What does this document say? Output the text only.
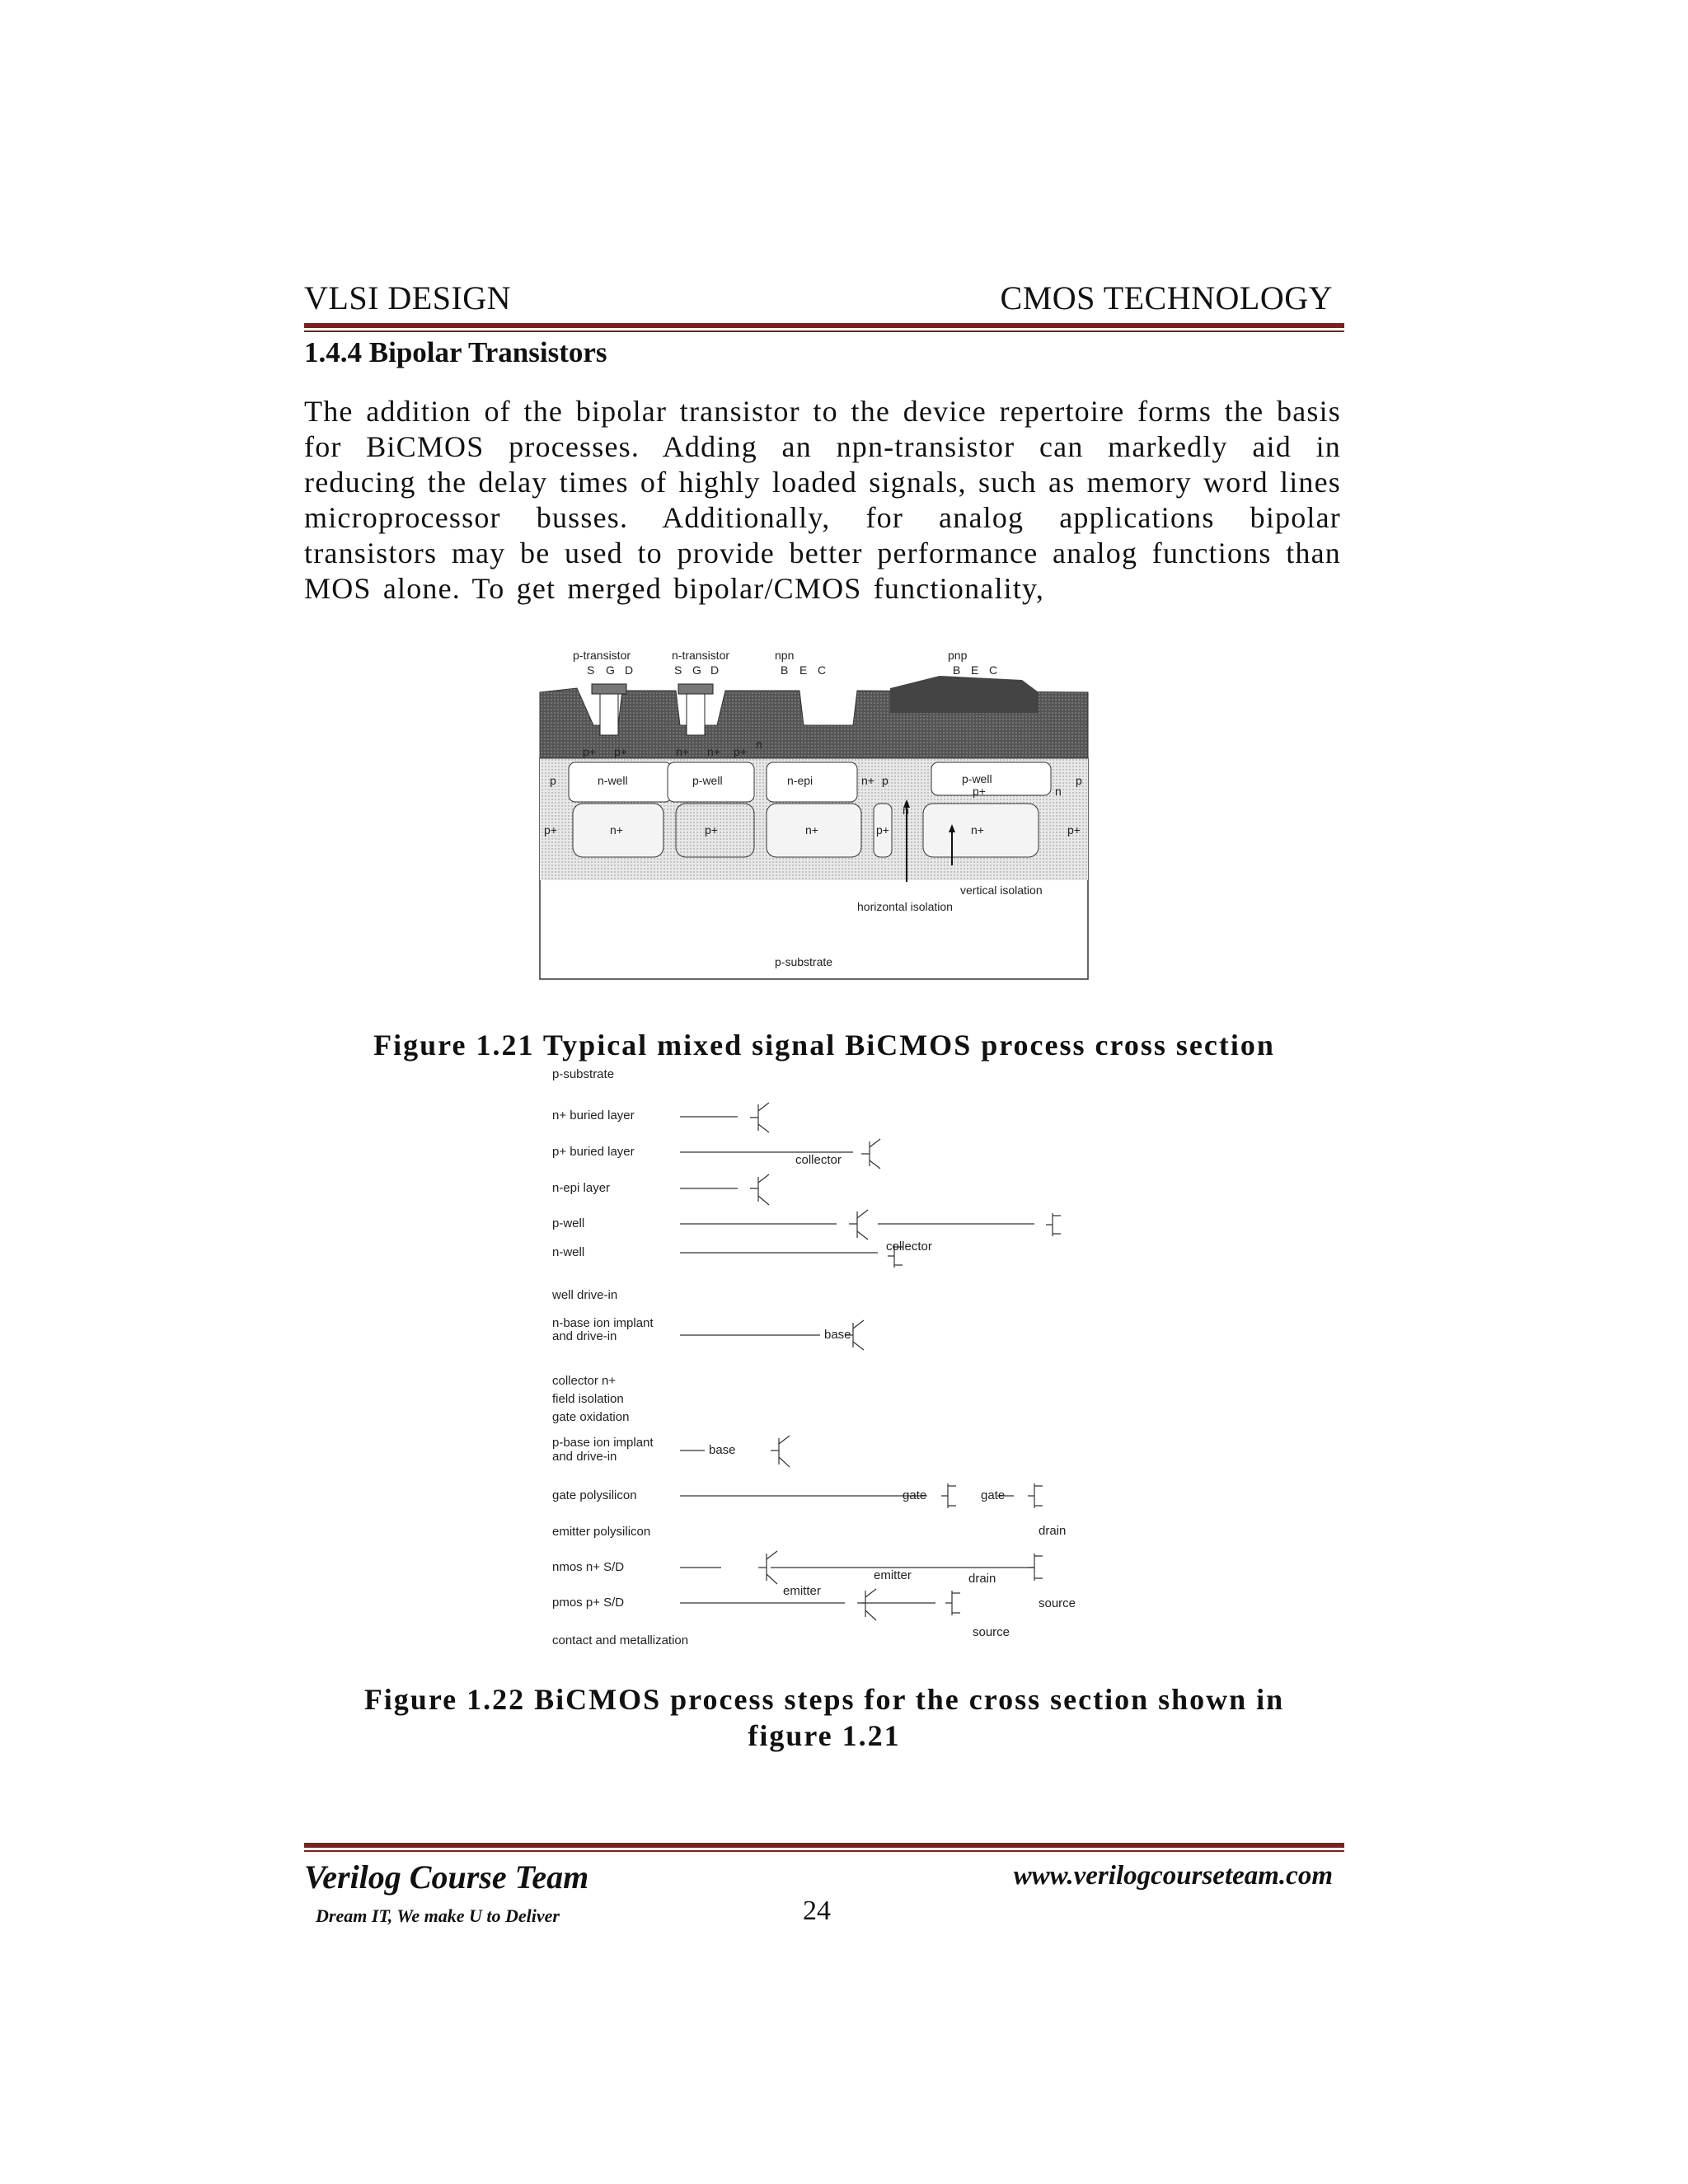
VLSI DESIGN	CMOS TECHNOLOGY
1.4.4 Bipolar Transistors
The addition of the bipolar transistor to the device repertoire forms the basis for BiCMOS processes. Adding an npn-transistor can markedly aid in reducing the delay times of highly loaded signals, such as memory word lines microprocessor busses. Additionally, for analog applications bipolar transistors may be used to provide better performance analog functions than MOS alone. To get merged bipolar/CMOS functionality,
p-transistor	n-transistor	npn	pnp
S G D	S G D	B E C	B E C
p+ p+	n+ n+ p+
n
p	n-well	p-well	n-epi	n+ p	p-well
p+	n
p
p+	n+	p+	n+	p+	n+	p+
n
vertical isolation
horizontal isolation
p-substrate
Figure 1.21 Typical mixed signal BiCMOS process cross section
p-substrate
n+ buried layer
p+ buried layer
n-epi layer
p-well
n-well
well drive-in
n-base ion implant
and drive-in
collector n+
field isolation
gate oxidation
p-base ion implant
and drive-in
gate polysilicon
emitter polysilicon
nmos n+ S/D
pmos p+ S/D
contact and metallization
collector
collector
base
base
gate	gate
drain
emitter
emitter
drain
source
source
Figure 1.22 BiCMOS process steps for the cross section shown in
figure 1.21
Verilog Course Team	www.verilogcourseteam.com
Dream IT, We make U to Deliver	24
